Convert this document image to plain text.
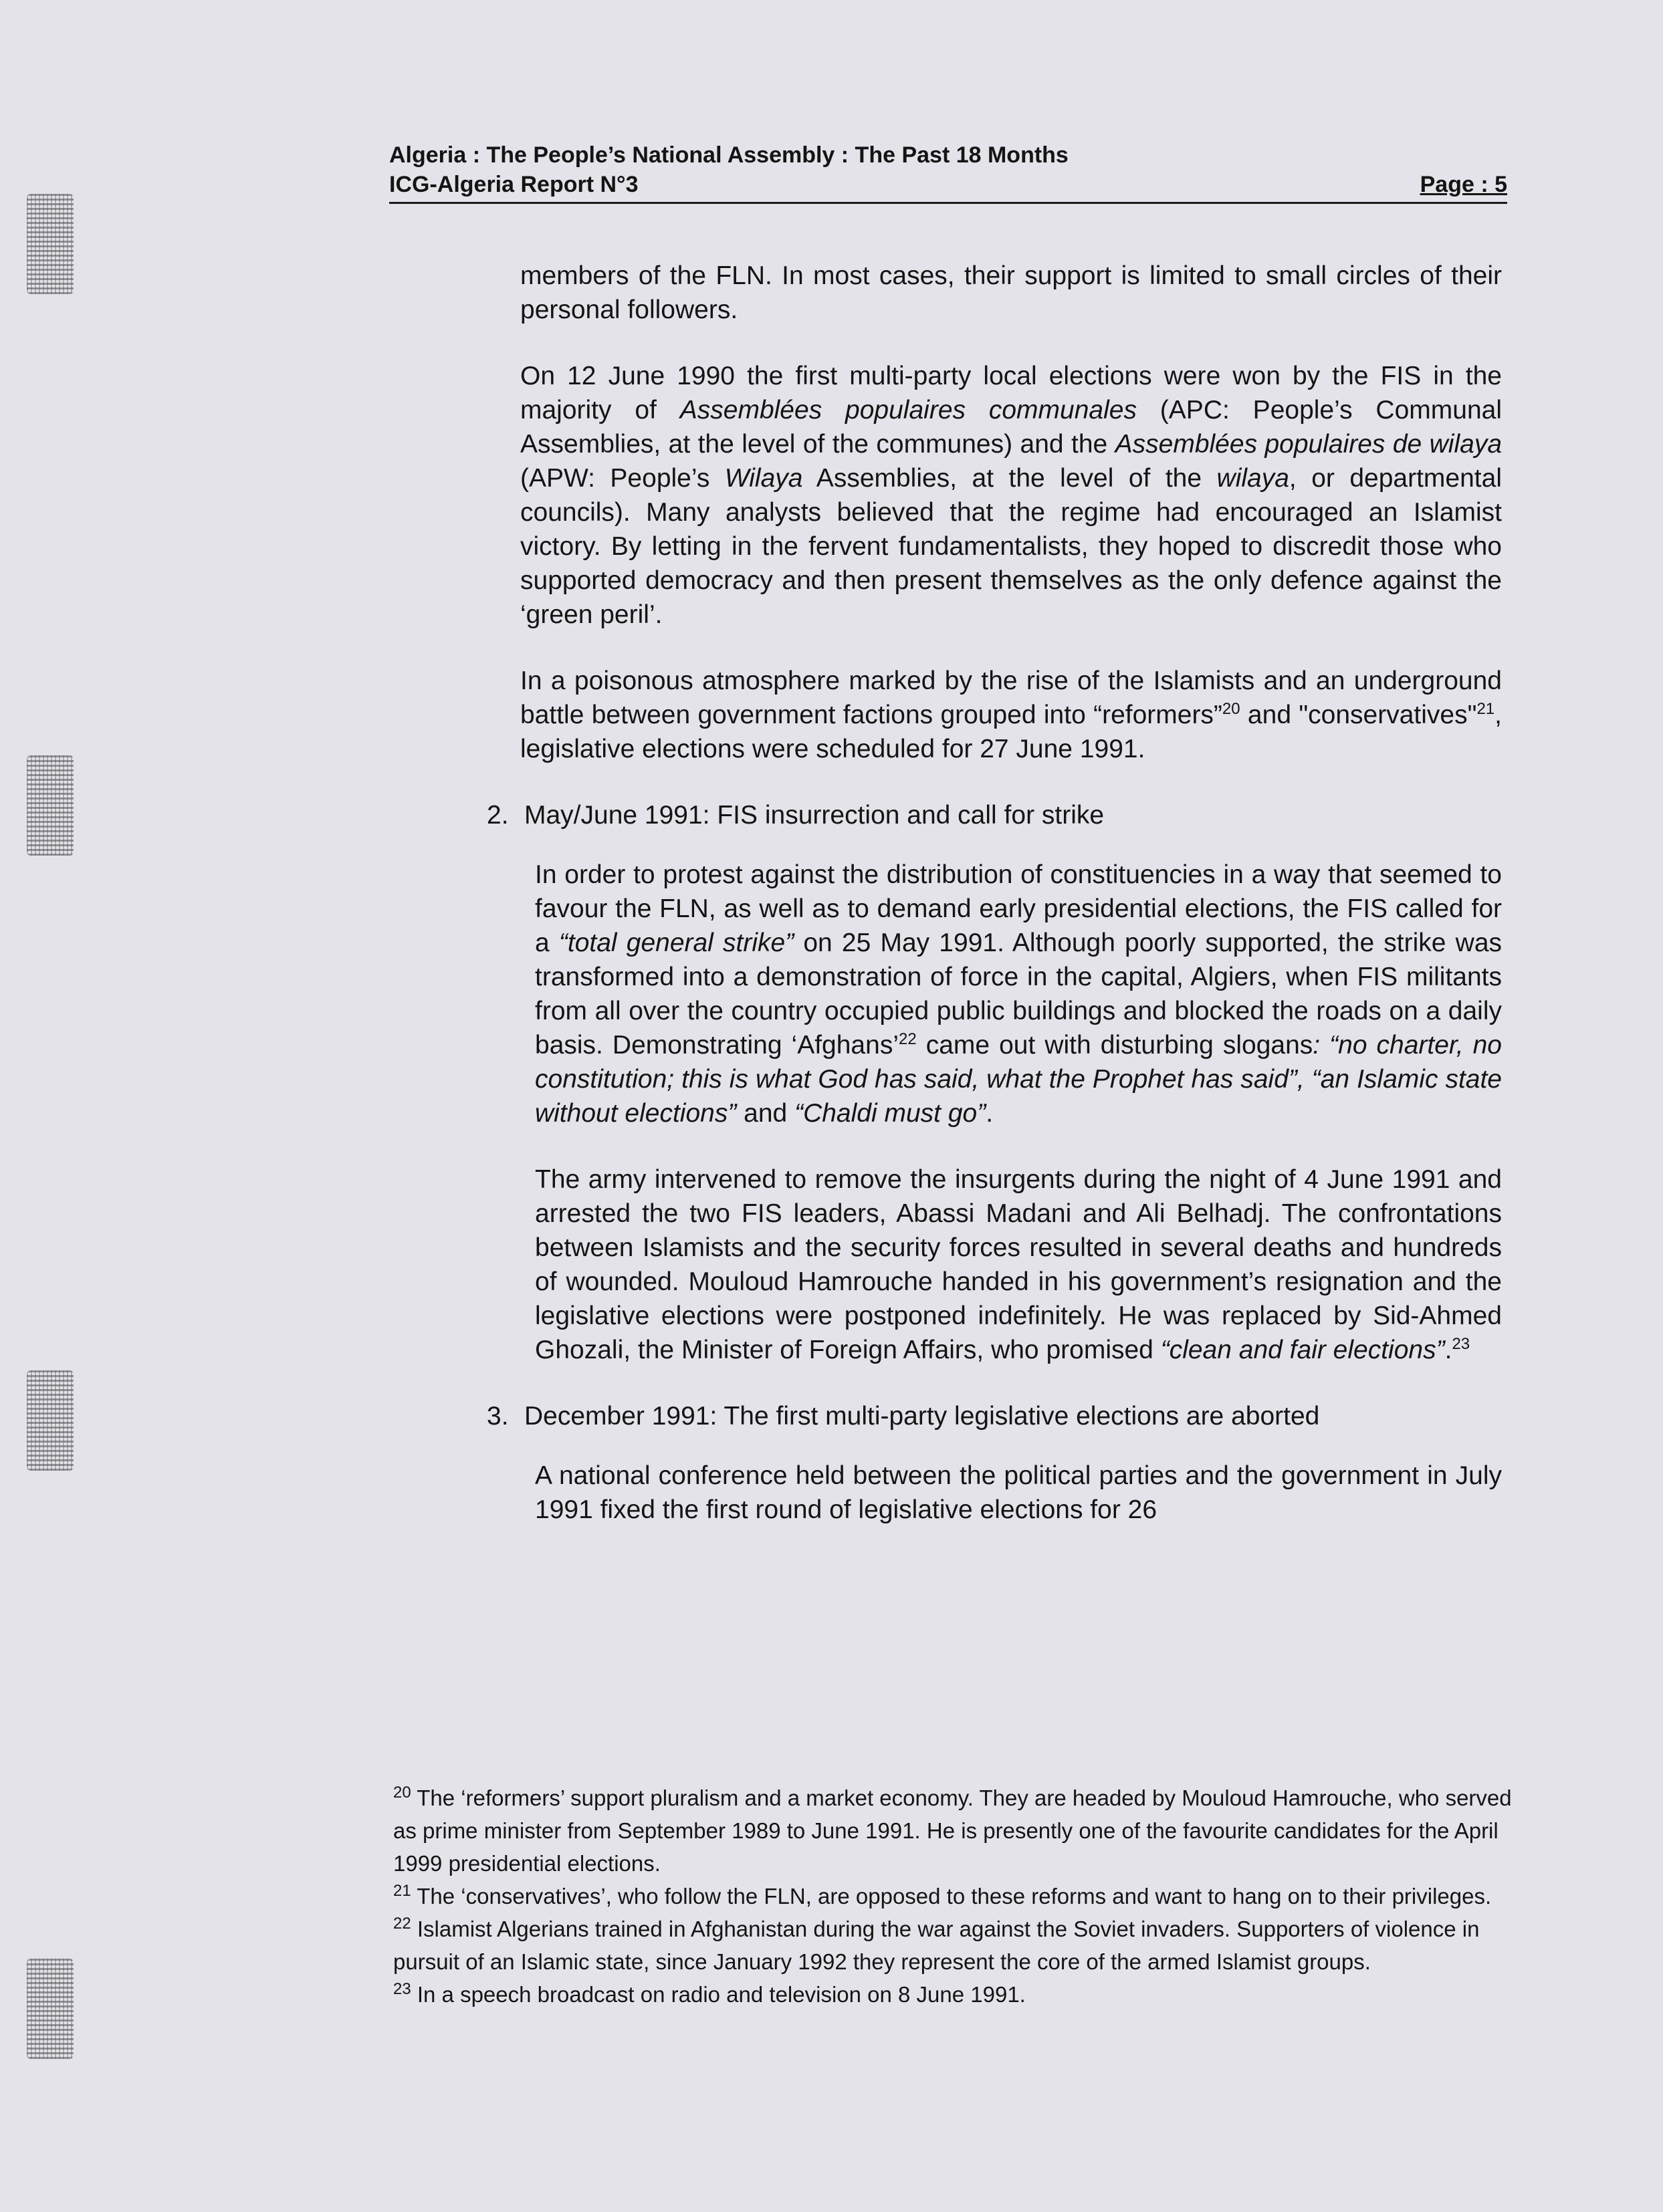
Algeria : The People’s National Assembly : The Past 18 Months
ICG-Algeria Report N°3	Page : 5

members of the FLN. In most cases, their support is limited to small circles of their personal followers.

On 12 June 1990 the first multi-party local elections were won by the FIS in the majority of Assemblées populaires communales (APC: People’s Communal Assemblies, at the level of the communes) and the Assemblées populaires de wilaya (APW: People’s Wilaya Assemblies, at the level of the wilaya, or departmental councils). Many analysts believed that the regime had encouraged an Islamist victory. By letting in the fervent fundamentalists, they hoped to discredit those who supported democracy and then present themselves as the only defence against the ‘green peril’.

In a poisonous atmosphere marked by the rise of the Islamists and an underground battle between government factions grouped into “reformers”$^{20}$ and "conservatives"$^{21}$, legislative elections were scheduled for 27 June 1991.

2. May/June 1991: FIS insurrection and call for strike

In order to protest against the distribution of constituencies in a way that seemed to favour the FLN, as well as to demand early presidential elections, the FIS called for a “total general strike” on 25 May 1991. Although poorly supported, the strike was transformed into a demonstration of force in the capital, Algiers, when FIS militants from all over the country occupied public buildings and blocked the roads on a daily basis. Demonstrating ‘Afghans’$^{22}$ came out with disturbing slogans: “no charter, no constitution; this is what God has said, what the Prophet has said”, “an Islamic state without elections” and “Chaldi must go”.

The army intervened to remove the insurgents during the night of 4 June 1991 and arrested the two FIS leaders, Abassi Madani and Ali Belhadj. The confrontations between Islamists and the security forces resulted in several deaths and hundreds of wounded. Mouloud Hamrouche handed in his government’s resignation and the legislative elections were postponed indefinitely. He was replaced by Sid-Ahmed Ghozali, the Minister of Foreign Affairs, who promised “clean and fair elections”.$^{23}$

3. December 1991: The first multi-party legislative elections are aborted

A national conference held between the political parties and the government in July 1991 fixed the first round of legislative elections for 26

$^{20}$ The ‘reformers’ support pluralism and a market economy. They are headed by Mouloud Hamrouche, who served as prime minister from September 1989 to June 1991. He is presently one of the favourite candidates for the April 1999 presidential elections.

$^{21}$ The ‘conservatives’, who follow the FLN, are opposed to these reforms and want to hang on to their privileges.

$^{22}$ Islamist Algerians trained in Afghanistan during the war against the Soviet invaders. Supporters of violence in pursuit of an Islamic state, since January 1992 they represent the core of the armed Islamist groups.

$^{23}$ In a speech broadcast on radio and television on 8 June 1991.
